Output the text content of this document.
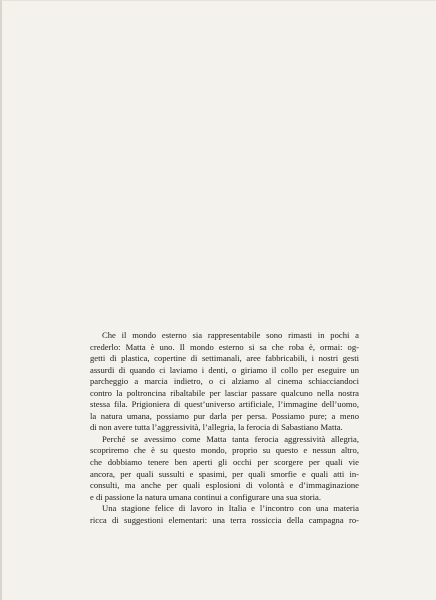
Che il mondo esterno sia rappresentabile sono rimasti in pochi a
crederlo: Matta è uno. Il mondo esterno si sa che roba è, ormai: og-
getti di plastica, copertine di settimanali, aree fabbricabili, i nostri gesti
assurdi di quando ci laviamo i denti, o giriamo il collo per eseguire un
parcheggio a marcia indietro, o ci alziamo al cinema schiacciandoci
contro la poltroncina ribaltabile per lasciar passare qualcuno nella nostra
stessa fila. Prigioniera di quest’universo artificiale, l’immagine dell’uomo,
la natura umana, possiamo pur darla per persa. Possiamo pure; a meno
di non avere tutta l’aggressività, l’allegria, la ferocia di Sabastiano Matta.

Perché se avessimo come Matta tanta ferocia aggressività allegria,
scopriremo che è su questo mondo, proprio su questo e nessun altro,
che dobbiamo tenere ben aperti gli occhi per scorgere per quali vie
ancora, per quali sussulti e spasimi, per quali smorfie e quali atti in-
consulti, ma anche per quali esplosioni di volontà e d’immaginazione
e di passione la natura umana continui a configurare una sua storia.

Una stagione felice di lavoro in Italia e l’incontro con una materia
ricca di suggestioni elementari: una terra rossiccia della campagna ro-
